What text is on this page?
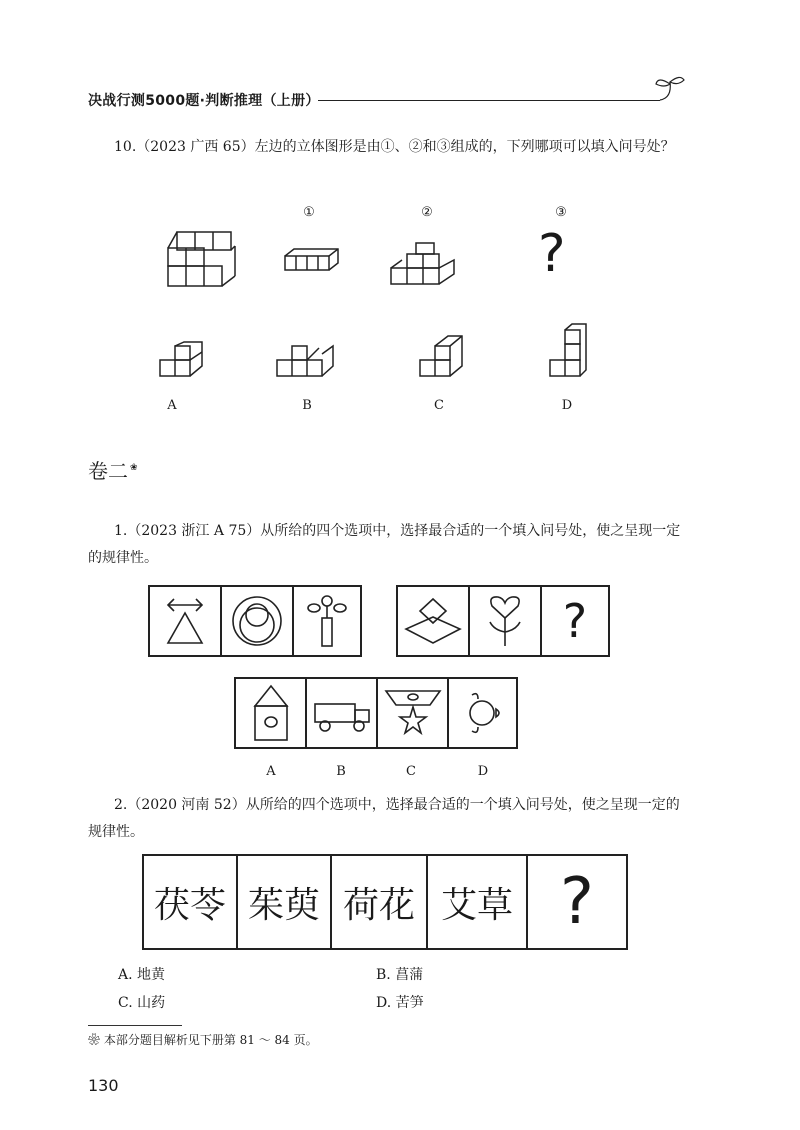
决战行测5000题·判断推理（上册）
10.（2023 广西 65）左边的立体图形是由①、②和③组成的，下列哪项可以填入问号处？
①	②	③
?
A	B	C	D
卷二 ❀
1.（2023 浙江 A 75）从所给的四个选项中，选择最合适的一个填入问号处，使之呈现一定的规律性。
?
A	B	C	D
2.（2020 河南 52）从所给的四个选项中，选择最合适的一个填入问号处，使之呈现一定的规律性。
茯苓 茱萸 荷花 艾草 ?
A. 地黄	B. 菖蒲
C. 山药	D. 苦笋
❀ 本部分题目解析见下册第 81 ～ 84 页。
130
